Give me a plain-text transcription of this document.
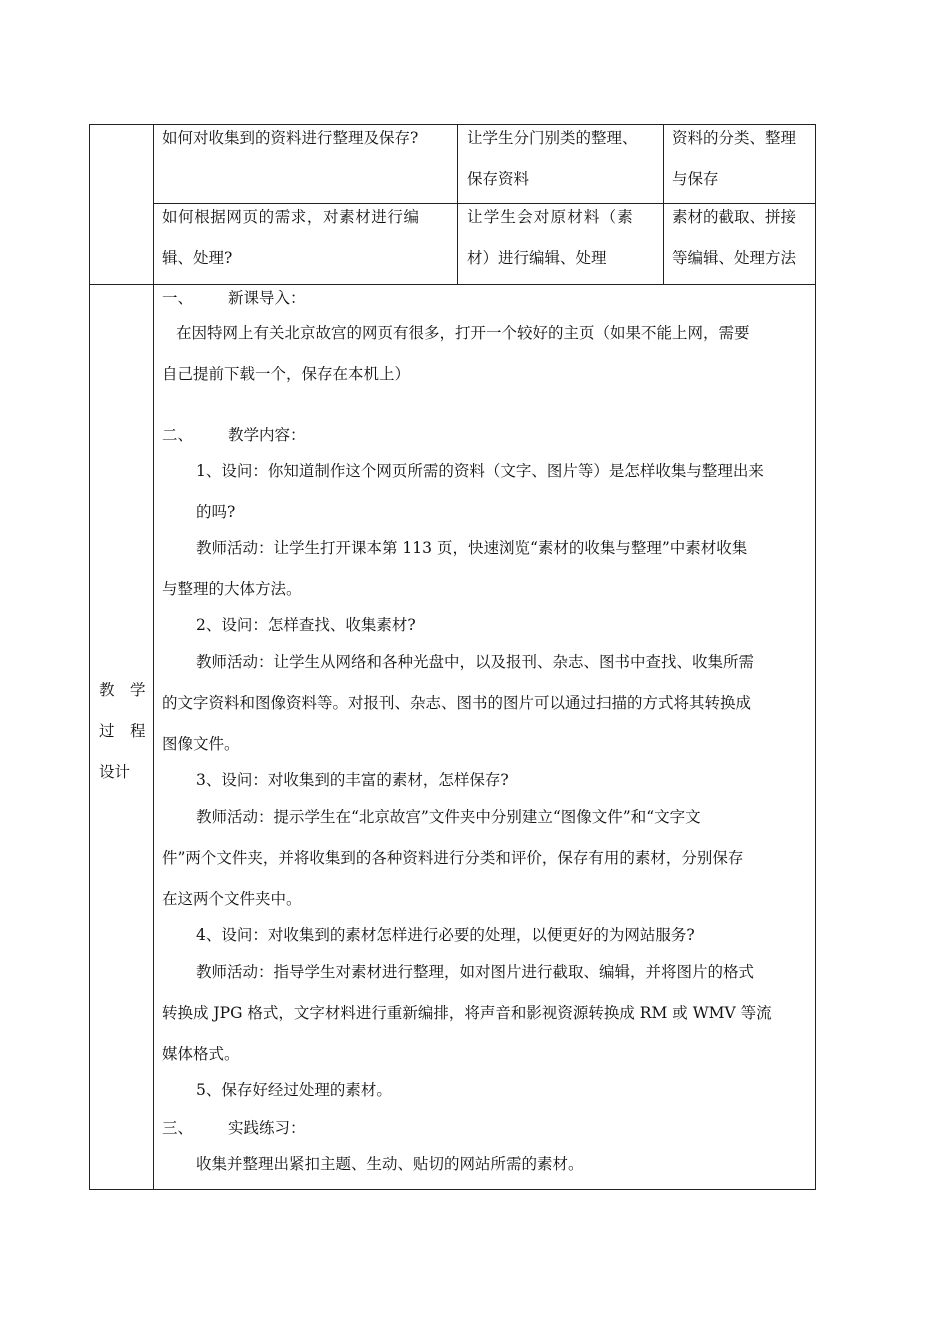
如何对收集到的资料进行整理及保存?	让学生分门别类的整理、
保存资料
资料的分类、整理
与保存
如何根据网页的需求，对素材进行编
辑、处理?
让学生会对原材料（素
材）进行编辑、处理
素材的截取、拼接
等编辑、处理方法
教　学
过　程
设计
一、 新课导入：
在因特网上有关北京故宫的网页有很多，打开一个较好的主页（如果不能上网，需要
自己提前下载一个，保存在本机上）
二、 教学内容：
1、设问：你知道制作这个网页所需的资料（文字、图片等）是怎样收集与整理出来
的吗?
教师活动：让学生打开课本第 113 页，快速浏览“素材的收集与整理”中素材收集
与整理的大体方法。
2、设问：怎样查找、收集素材?
教师活动：让学生从网络和各种光盘中，以及报刊、杂志、图书中查找、收集所需
的文字资料和图像资料等。对报刊、杂志、图书的图片可以通过扫描的方式将其转换成
图像文件。
3、设问：对收集到的丰富的素材，怎样保存?
教师活动：提示学生在“北京故宫”文件夹中分别建立“图像文件”和“文字文
件”两个文件夹，并将收集到的各种资料进行分类和评价，保存有用的素材，分别保存
在这两个文件夹中。
4、设问：对收集到的素材怎样进行必要的处理，以便更好的为网站服务?
教师活动：指导学生对素材进行整理，如对图片进行截取、编辑，并将图片的格式
转换成 JPG 格式，文字材料进行重新编排，将声音和影视资源转换成 RM 或 WMV 等流
媒体格式。
5、保存好经过处理的素材。
三、 实践练习：
收集并整理出紧扣主题、生动、贴切的网站所需的素材。
